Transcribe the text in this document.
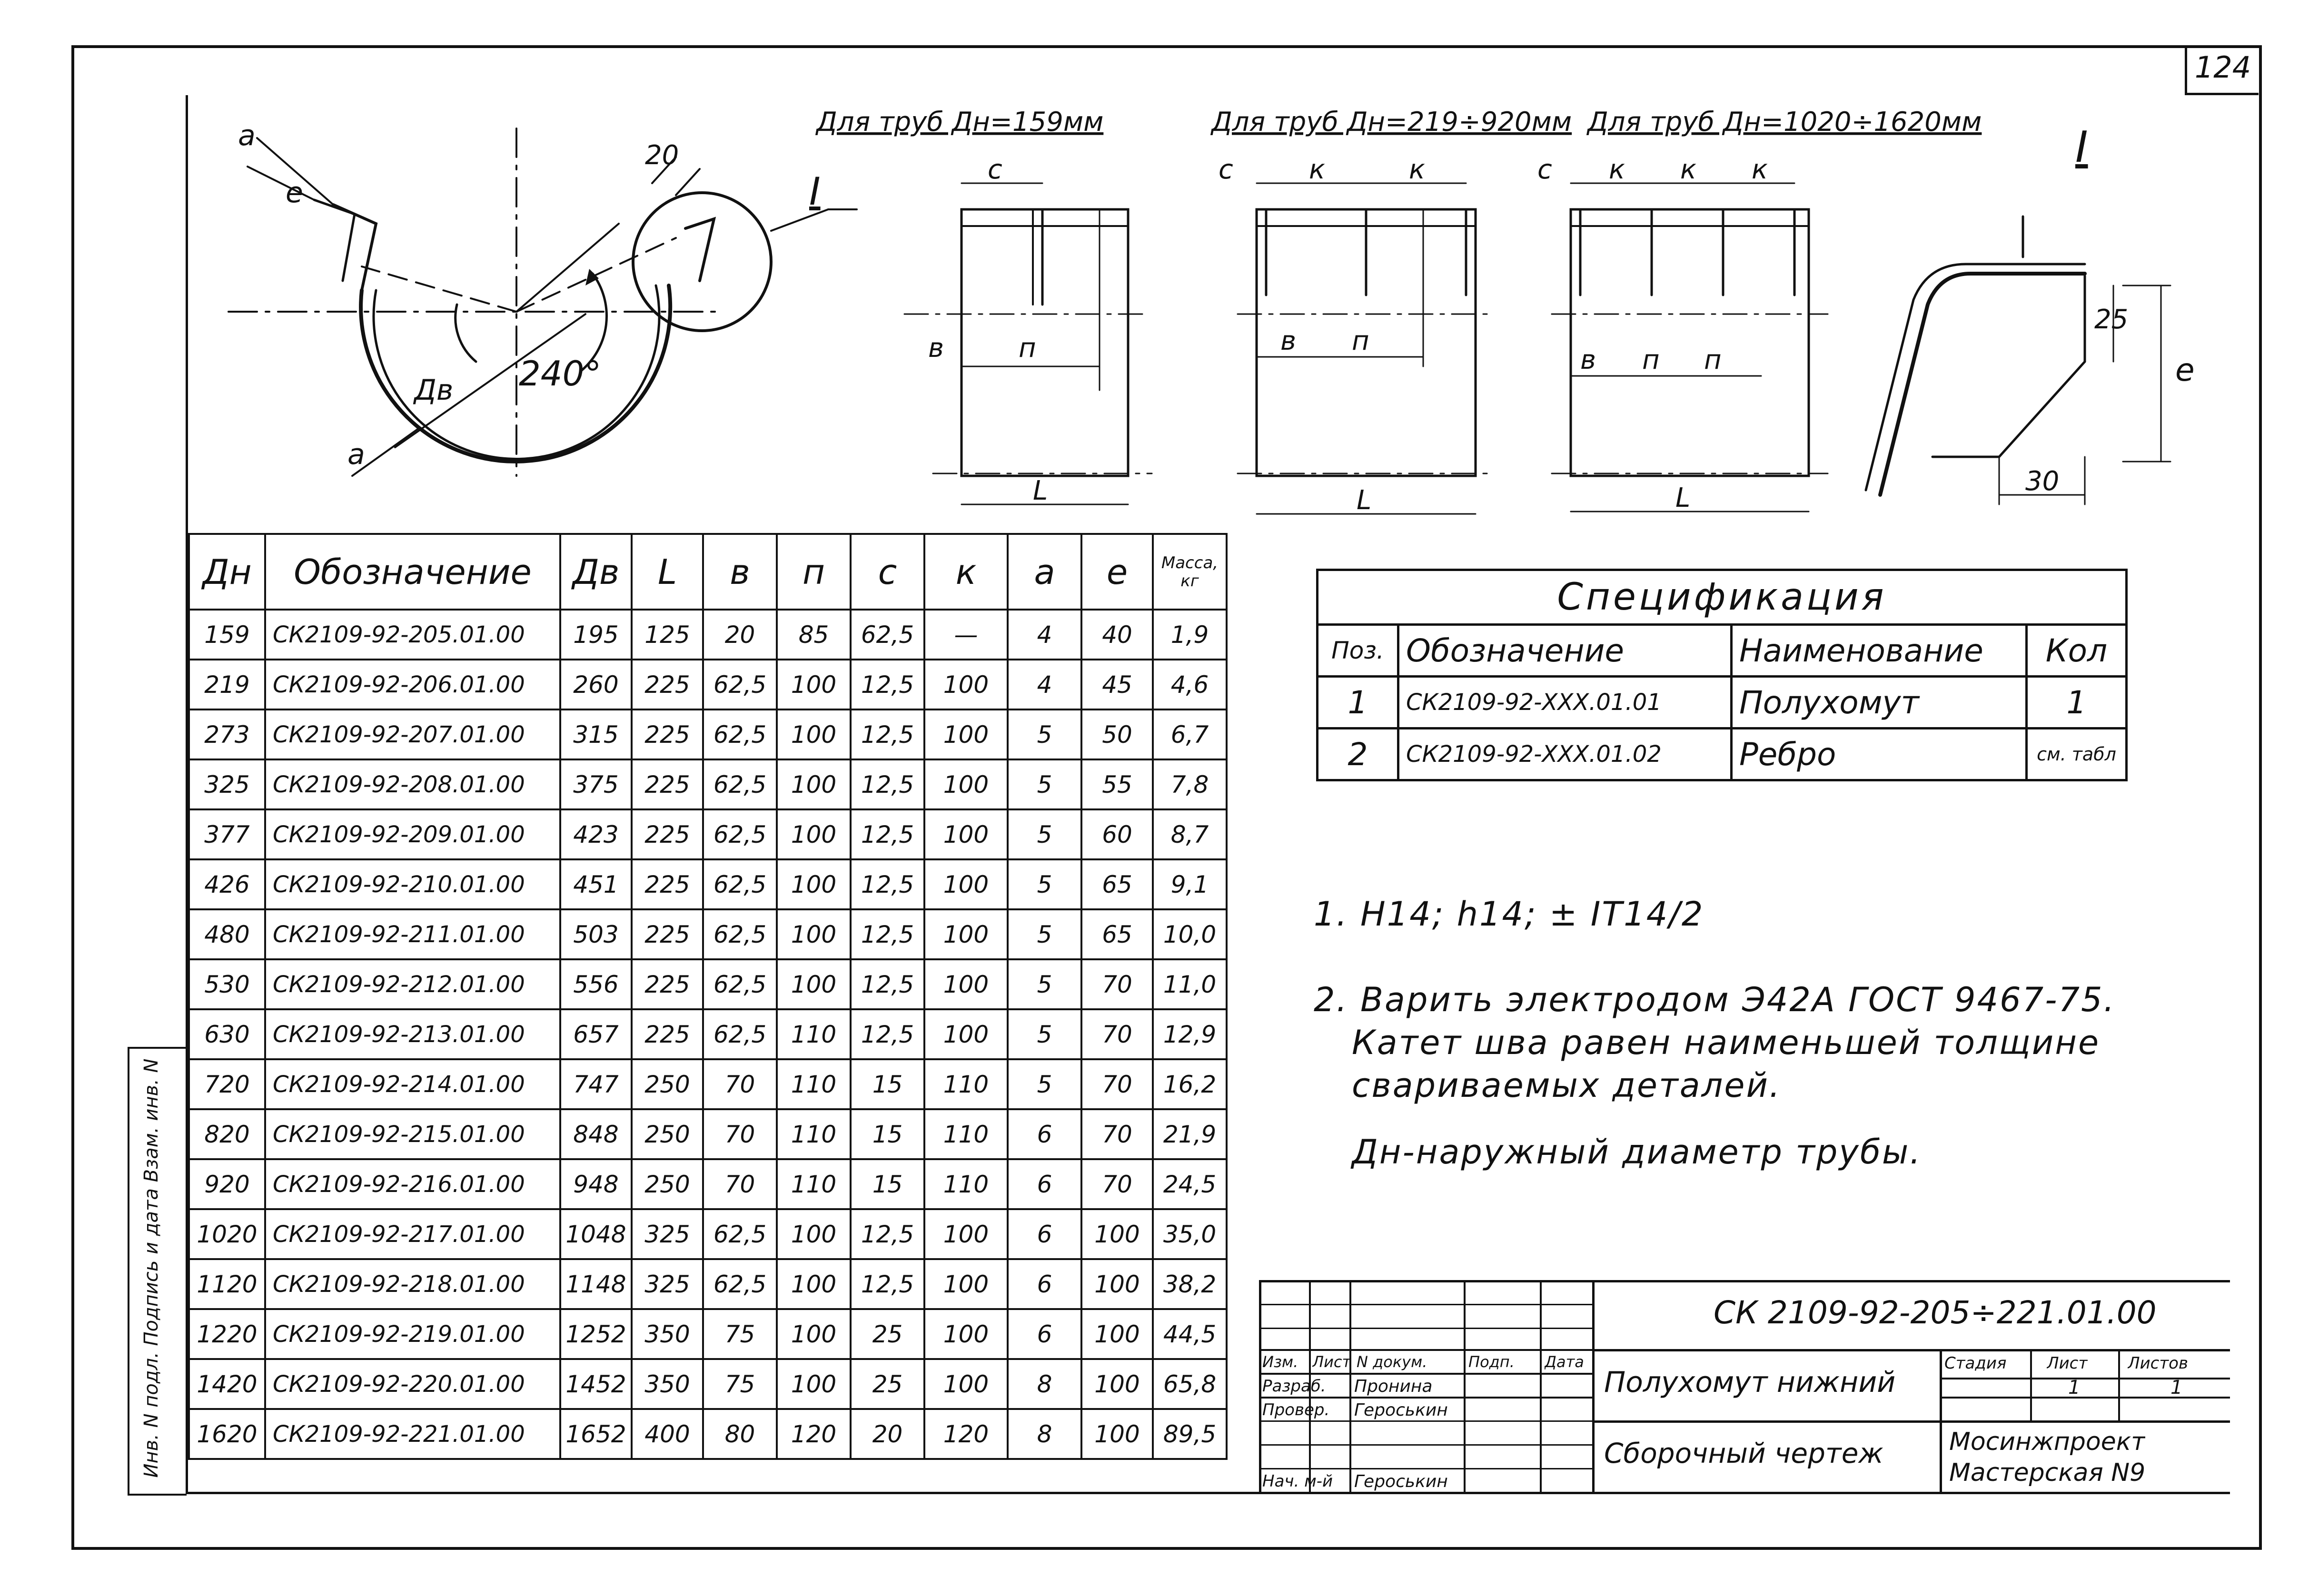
124
Для труб Дн=159мм	Для труб Дн=219÷920мм Для труб Дн=1020÷1620мм
I
I
240°
Дв
а
а
е
20	с
в	п
L
с	к	к
в п
L
с к к к
в п п
L
25
е
30
Дн	Обозначение	Дв	L	в	п	с	к	а	е	Масса, кг
159	СК2109-92-205.01.00	195	125	20	85	62,5	—	4	40	1,9
219	СК2109-92-206.01.00	260	225	62,5	100	12,5	100	4	45	4,6
273	СК2109-92-207.01.00	315	225	62,5	100	12,5	100	5	50	6,7
325	СК2109-92-208.01.00	375	225	62,5	100	12,5	100	5	55	7,8
377	СК2109-92-209.01.00	423	225	62,5	100	12,5	100	5	60	8,7
426	СК2109-92-210.01.00	451	225	62,5	100	12,5	100	5	65	9,1
480	СК2109-92-211.01.00	503	225	62,5	100	12,5	100	5	65	10,0
530	СК2109-92-212.01.00	556	225	62,5	100	12,5	100	5	70	11,0
630	СК2109-92-213.01.00	657	225	62,5	110	12,5	100	5	70	12,9
720	СК2109-92-214.01.00	747	250	70	110	15	110	5	70	16,2
820	СК2109-92-215.01.00	848	250	70	110	15	110	6	70	21,9
920	СК2109-92-216.01.00	948	250	70	110	15	110	6	70	24,5
1020	СК2109-92-217.01.00	1048	325	62,5	100	12,5	100	6	100	35,0
1120	СК2109-92-218.01.00	1148	325	62,5	100	12,5	100	6	100	38,2
1220	СК2109-92-219.01.00	1252	350	75	100	25	100	6	100	44,5
1420	СК2109-92-220.01.00	1452	350	75	100	25	100	8	100	65,8
1620	СК2109-92-221.01.00	1652	400	80	120	20	120	8	100	89,5
Инв. N подл. Подпись и дата Взам. инв. N
Спецификация			
Поз.	Обозначение	Наименование	Кол
1	СК2109-92-ХХХ.01.01	Полухомут	1
2	СК2109-92-ХХХ.01.02	Ребро	см. табл
1. Н14; h14; ± IT14/2
2. Варить электродом Э42А ГОСТ 9467-75.
Катет шва равен наименьшей толщине
свариваемых деталей.
Дн-наружный диаметр трубы.
СК 2109-92-205÷221.01.00
Полухомут нижний
Сборочный чертеж
Стадия Лист Листов
1	1
Мосинжпроект
Мастерская N9
Изм. Лист N докум.	Подп. Дата
Разраб. Пронина
Провер. Героськин
Нач. м-й Героськин
